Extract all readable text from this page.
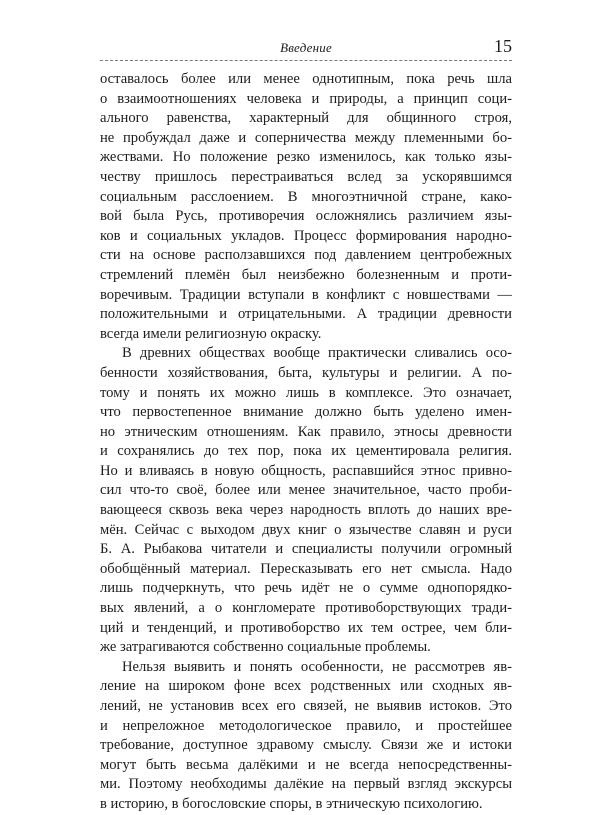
Введение	15
оставалось более или менее однотипным, пока речь шла
о взаимоотношениях человека и природы, а принцип соци-
ального равенства, характерный для общинного строя,
не пробуждал даже и соперничества между племенными бо-
жествами. Но положение резко изменилось, как только язы-
честву пришлось перестраиваться вслед за ускорявшимся
социальным расслоением. В многоэтничной стране, како-
вой была Русь, противоречия осложнялись различием язы-
ков и социальных укладов. Процесс формирования народно-
сти на основе расползавшихся под давлением центробежных
стремлений племён был неизбежно болезненным и проти-
воречивым. Традиции вступали в конфликт с новшествами —
положительными и отрицательными. А традиции древности
всегда имели религиозную окраску.
В древних обществах вообще практически сливались осо-
бенности хозяйствования, быта, культуры и религии. А по-
тому и понять их можно лишь в комплексе. Это означает,
что первостепенное внимание должно быть уделено имен-
но этническим отношениям. Как правило, этносы древности
и сохранялись до тех пор, пока их цементировала религия.
Но и вливаясь в новую общность, распавшийся этнос привно-
сил что-то своё, более или менее значительное, часто проби-
вающееся сквозь века через народность вплоть до наших вре-
мён. Сейчас с выходом двух книг о язычестве славян и руси
Б. А. Рыбакова читатели и специалисты получили огромный
обобщённый материал. Пересказывать его нет смысла. Надо
лишь подчеркнуть, что речь идёт не о сумме однопорядко-
вых явлений, а о конгломерате противоборствующих тради-
ций и тенденций, и противоборство их тем острее, чем бли-
же затрагиваются собственно социальные проблемы.
Нельзя выявить и понять особенности, не рассмотрев яв-
ление на широком фоне всех родственных или сходных яв-
лений, не установив всех его связей, не выявив истоков. Это
и непреложное методологическое правило, и простейшее
требование, доступное здравому смыслу. Связи же и истоки
могут быть весьма далёкими и не всегда непосредственны-
ми. Поэтому необходимы далёкие на первый взгляд экскурсы
в историю, в богословские споры, в этническую психологию.
